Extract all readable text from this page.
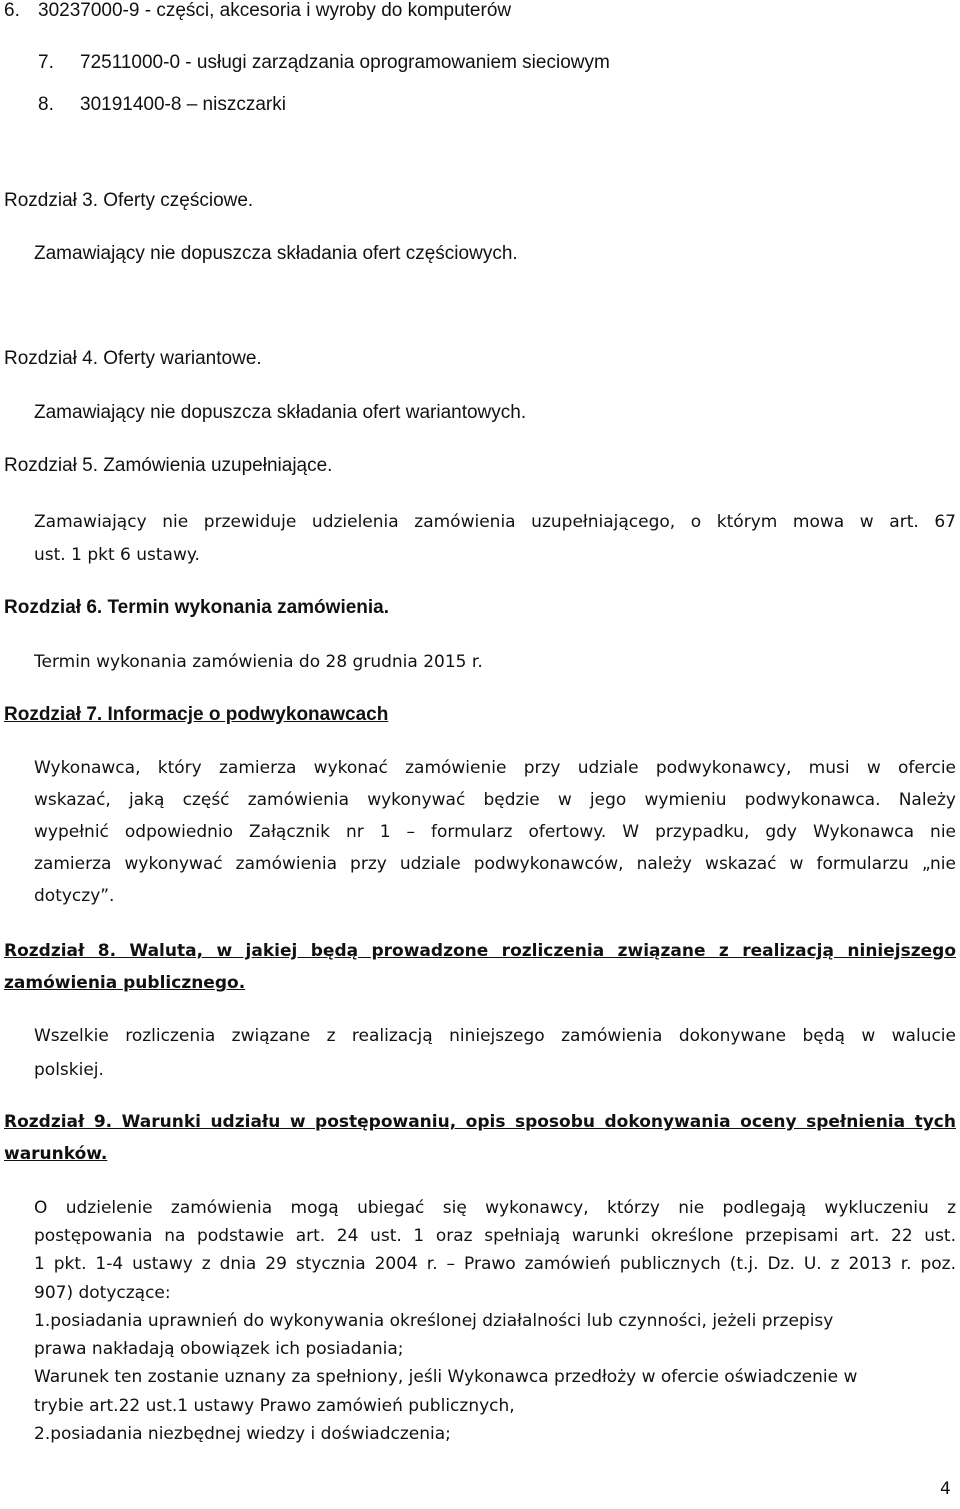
6. 30237000-9 - części, akcesoria i wyroby do komputerów
7. 72511000-0 - usługi zarządzania oprogramowaniem sieciowym
8. 30191400-8 – niszczarki
Rozdział 3. Oferty częściowe.
Zamawiający nie dopuszcza składania ofert częściowych.
Rozdział 4. Oferty wariantowe.
Zamawiający nie dopuszcza składania ofert wariantowych.
Rozdział 5. Zamówienia uzupełniające.
Zamawiający nie przewiduje udzielenia zamówienia uzupełniającego, o którym mowa w art. 67
ust. 1 pkt 6 ustawy.
Rozdział 6. Termin wykonania zamówienia.
Termin wykonania zamówienia do 28 grudnia 2015 r.
Rozdział 7. Informacje o podwykonawcach
Wykonawca, który zamierza wykonać zamówienie przy udziale podwykonawcy, musi w ofercie
wskazać, jaką część zamówienia wykonywać będzie w jego wymieniu podwykonawca. Należy
wypełnić odpowiednio Załącznik nr 1 – formularz ofertowy. W przypadku, gdy Wykonawca nie
zamierza wykonywać zamówienia przy udziale podwykonawców, należy wskazać w formularzu „nie
dotyczy”.
Rozdział 8. Waluta, w jakiej będą prowadzone rozliczenia związane z realizacją niniejszego
zamówienia publicznego.
Wszelkie rozliczenia związane z realizacją niniejszego zamówienia dokonywane będą w walucie
polskiej.
Rozdział 9. Warunki udziału w postępowaniu, opis sposobu dokonywania oceny spełnienia tych
warunków.
O udzielenie zamówienia mogą ubiegać się wykonawcy, którzy nie podlegają wykluczeniu z
postępowania na podstawie art. 24 ust. 1 oraz spełniają warunki określone przepisami art. 22 ust.
1 pkt. 1-4 ustawy z dnia 29 stycznia 2004 r. – Prawo zamówień publicznych (t.j. Dz. U. z 2013 r. poz.
907) dotyczące:
1.posiadania uprawnień do wykonywania określonej działalności lub czynności, jeżeli przepisy
prawa nakładają obowiązek ich posiadania;
Warunek ten zostanie uznany za spełniony, jeśli Wykonawca przedłoży w ofercie oświadczenie w
trybie art.22 ust.1 ustawy Prawo zamówień publicznych,
2.posiadania niezbędnej wiedzy i doświadczenia;
4
